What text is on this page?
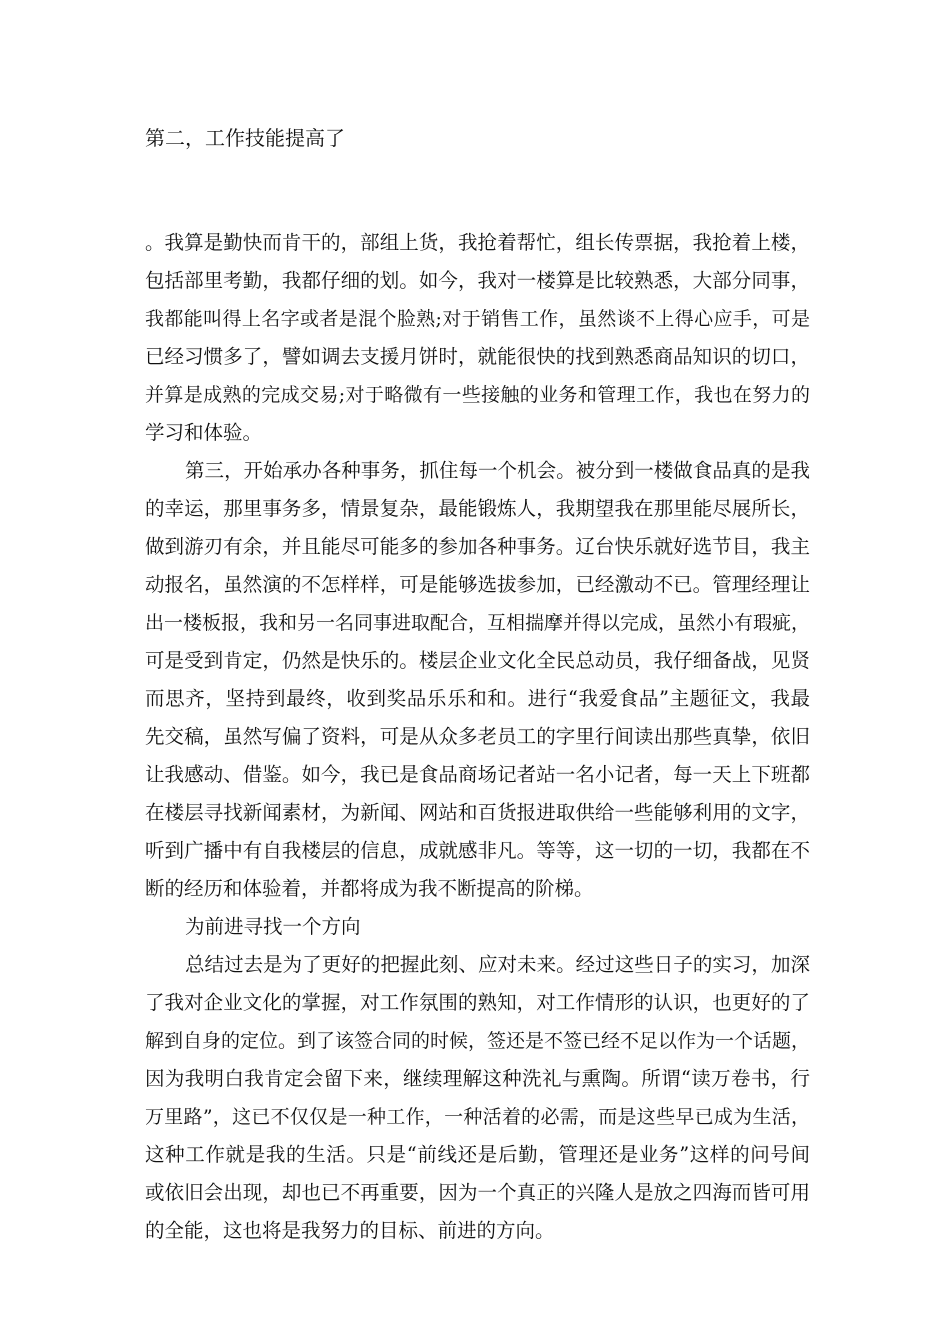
第二，工作技能提高了
。我算是勤快而肯干的，部组上货，我抢着帮忙，组长传票据，我抢着上楼，
包括部里考勤，我都仔细的划。如今，我对一楼算是比较熟悉，大部分同事，
我都能叫得上名字或者是混个脸熟;对于销售工作，虽然谈不上得心应手，可是
已经习惯多了，譬如调去支援月饼时，就能很快的找到熟悉商品知识的切口，
并算是成熟的完成交易;对于略微有一些接触的业务和管理工作，我也在努力的
学习和体验。
第三，开始承办各种事务，抓住每一个机会。被分到一楼做食品真的是我
的幸运，那里事务多，情景复杂，最能锻炼人，我期望我在那里能尽展所长，
做到游刃有余，并且能尽可能多的参加各种事务。辽台快乐就好选节目，我主
动报名，虽然演的不怎样样，可是能够选拔参加，已经激动不已。管理经理让
出一楼板报，我和另一名同事进取配合，互相揣摩并得以完成，虽然小有瑕疵，
可是受到肯定，仍然是快乐的。楼层企业文化全民总动员，我仔细备战，见贤
而思齐，坚持到最终，收到奖品乐乐和和。进行“我爱食品”主题征文，我最
先交稿，虽然写偏了资料，可是从众多老员工的字里行间读出那些真挚，依旧
让我感动、借鉴。如今，我已是食品商场记者站一名小记者，每一天上下班都
在楼层寻找新闻素材，为新闻、网站和百货报进取供给一些能够利用的文字，
听到广播中有自我楼层的信息，成就感非凡。等等，这一切的一切，我都在不
断的经历和体验着，并都将成为我不断提高的阶梯。
为前进寻找一个方向
总结过去是为了更好的把握此刻、应对未来。经过这些日子的实习，加深
了我对企业文化的掌握，对工作氛围的熟知，对工作情形的认识，也更好的了
解到自身的定位。到了该签合同的时候，签还是不签已经不足以作为一个话题，
因为我明白我肯定会留下来，继续理解这种洗礼与熏陶。所谓“读万卷书，行
万里路”，这已不仅仅是一种工作，一种活着的必需，而是这些早已成为生活，
这种工作就是我的生活。只是“前线还是后勤，管理还是业务”这样的问号间
或依旧会出现，却也已不再重要，因为一个真正的兴隆人是放之四海而皆可用
的全能，这也将是我努力的目标、前进的方向。
